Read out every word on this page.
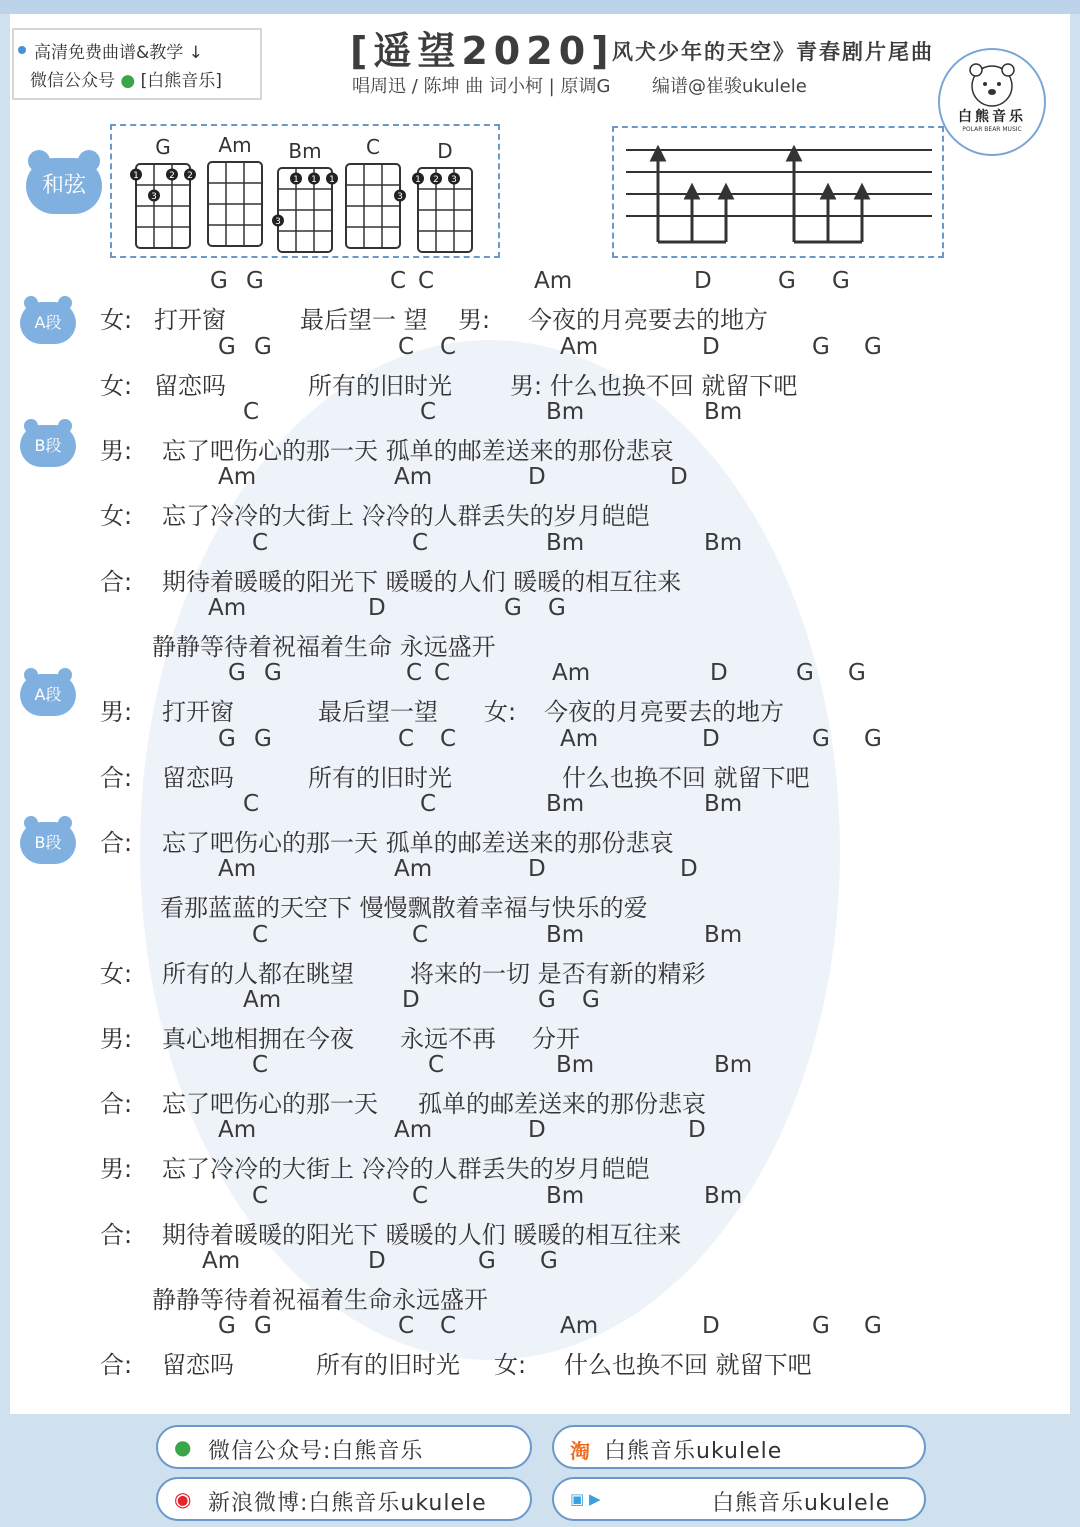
高清免费曲谱&教学 ↓
微信公众号 ● [白熊音乐]
[遥望2020]
风犬少年的天空》青春剧片尾曲
唱周迅 / 陈坤 曲 词小柯 | 原调G 编谱@崔骏ukulele
白熊音乐
POLAR BEAR MUSIC
和弦	1	2 2
3
G Am
1 1 1
3
Bm
3
C
1 2 3
D
A段
B段
A段
B段
G G	C C	Am	D	G G
女: 打开窗	最后望一 望 男: 今夜的月亮要去的地方
G G	C C	Am	D	G G
女: 留恋吗	所有的旧时光 男: 什么也换不回 就留下吧
C	C	Bm	Bm
男: 忘了吧伤心的那一天 孤单的邮差送来的那份悲哀
Am	Am	D	D
女: 忘了冷冷的大街上 冷冷的人群丢失的岁月皑皑
C	C	Bm	Bm
合: 期待着暖暖的阳光下 暖暖的人们 暖暖的相互往来
Am	D	G G
静静等待着祝福着生命 永远盛开
G G	C C	Am	D	G G
男: 打开窗	最后望一望 女: 今夜的月亮要去的地方
G G	C C	Am	D	G G
合: 留恋吗	所有的旧时光	什么也换不回 就留下吧
C	C	Bm	Bm
合: 忘了吧伤心的那一天 孤单的邮差送来的那份悲哀
Am	Am	D	D
看那蓝蓝的天空下 慢慢飘散着幸福与快乐的爱
C	C	Bm	Bm
女: 所有的人都在眺望 将来的一切 是否有新的精彩
Am	D	G G
男: 真心地相拥在今夜 永远不再 分开
C	C	Bm	Bm
合: 忘了吧伤心的那一天 孤单的邮差送来的那份悲哀
Am	Am	D	D
男: 忘了冷冷的大街上 冷冷的人群丢失的岁月皑皑
C	C	Bm	Bm
合: 期待着暖暖的阳光下 暖暖的人们 暖暖的相互往来
Am	D	G G
静静等待着祝福着生命永远盛开
G G	C C	Am	D	G G
合: 留恋吗	所有的旧时光 女: 什么也换不回 就留下吧
● 微信公众号:白熊音乐	淘 白熊音乐ukulele
◉ 新浪微博:白熊音乐ukulele	▣ ▶	白熊音乐ukulele
